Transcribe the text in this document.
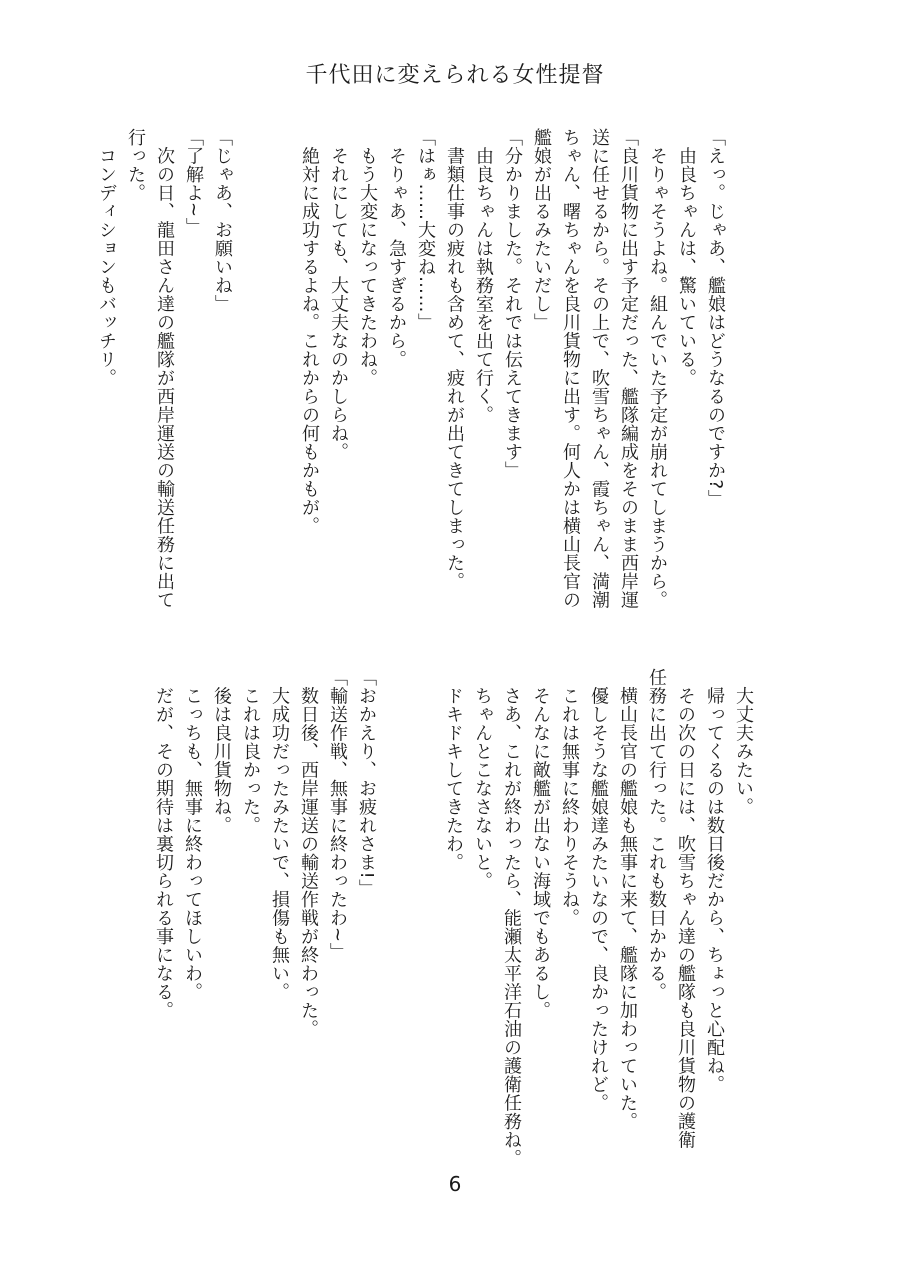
千代田に変えられる女性提督
「えっ。じゃあ、艦娘はどうなるのですか?」
　由良ちゃんは、驚いている。
　そりゃそうよね。組んでいた予定が崩れてしまうから。
「良川貨物に出す予定だった、艦隊編成をそのまま西岸運
送に任せるから。その上で、吹雪ちゃん、霞ちゃん、満潮
ちゃん、曙ちゃんを良川貨物に出す。何人かは横山長官の
艦娘が出るみたいだし」
「分かりました。それでは伝えてきます」
　由良ちゃんは執務室を出て行く。
　書類仕事の疲れも含めて、疲れが出てきてしまった。
「はぁ……大変ね……」
　そりゃあ、急すぎるから。
　もう大変になってきたわね。
　それにしても、大丈夫なのかしらね。
　絶対に成功するよね。これからの何もかもが。

「じゃあ、お願いね」
「了解よ~」
　次の日、龍田さん達の艦隊が西岸運送の輸送任務に出て
行った。
　コンディションもバッチリ。
　大丈夫みたい。
　帰ってくるのは数日後だから、ちょっと心配ね。
　その次の日には、吹雪ちゃん達の艦隊も良川貨物の護衛
任務に出て行った。これも数日かかる。
　横山長官の艦娘も無事に来て、艦隊に加わっていた。
　優しそうな艦娘達みたいなので、良かったけれど。
　これは無事に終わりそうね。
　そんなに敵艦が出ない海域でもあるし。
　さあ、これが終わったら、能瀬太平洋石油の護衛任務ね。
　ちゃんとこなさないと。
　ドキドキしてきたわ。

「おかえり、お疲れさま!」
「輸送作戦、無事に終わったわ~」
　数日後、西岸運送の輸送作戦が終わった。
　大成功だったみたいで、損傷も無い。
　これは良かった。
　後は良川貨物ね。
　こっちも、無事に終わってほしいわ。
　だが、その期待は裏切られる事になる。
6
